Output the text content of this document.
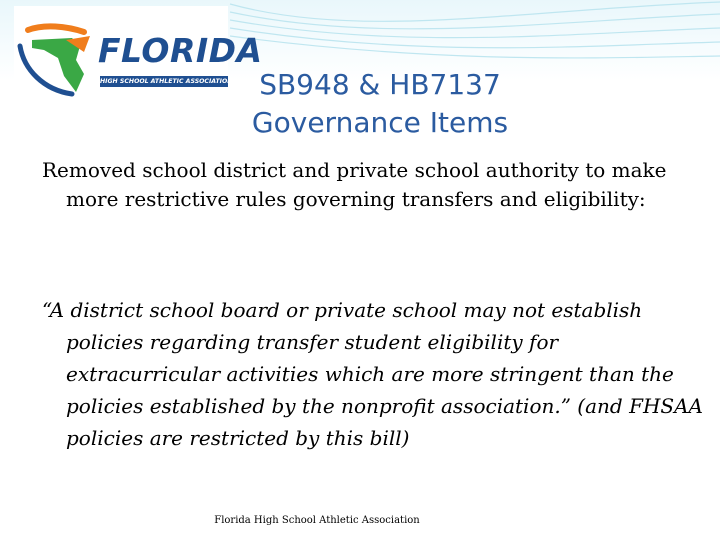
FLORIDA
HIGH SCHOOL ATHLETIC ASSOCIATION SB948 & HB7137
Governance Items
Removed school district and private school authority to make more restrictive rules governing transfers and eligibility:
“A district school board or private school may not establish policies regarding transfer student eligibility for extracurricular activities which are more stringent than the policies established by the nonprofit association.” (and FHSAA policies are restricted by this bill)
Florida High School Athletic Association
